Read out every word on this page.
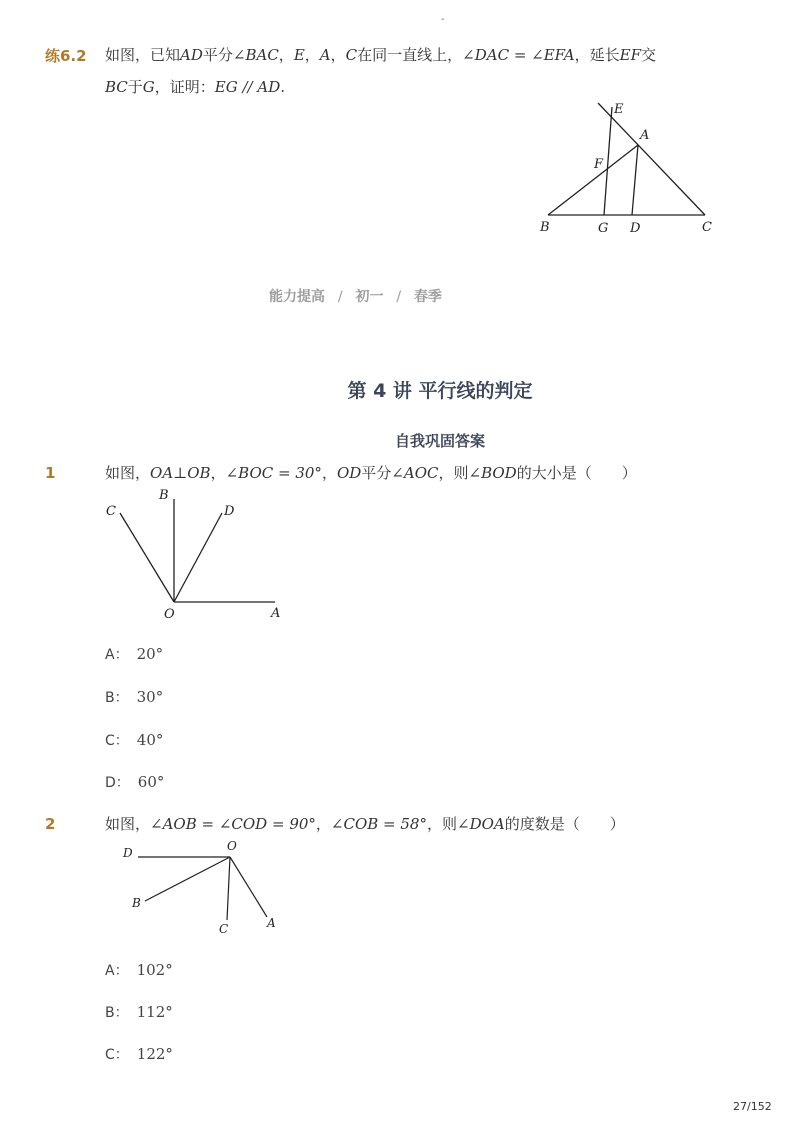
-
练6.2 如图，已知AD平分∠BAC，E，A，C在同一直线上，∠DAC = ∠EFA，延长EF交
BC于G，证明：EG // AD.
E
A
F
B	G D	C
能力提高 / 初一 / 春季
第 4 讲 平行线的判定
自我巩固答案
1	如图，OA⊥OB，∠BOC = 30°，OD平分∠AOC，则∠BOD的大小是（　　）
C
B
D
O	A
A： 20°
B： 30°
C： 40°
D： 60°
2	如图，∠AOB = ∠COD = 90°，∠COB = 58°，则∠DOA的度数是（　　）
D	O
B
C	A
A： 102°
B： 112°
C： 122°
27/152
